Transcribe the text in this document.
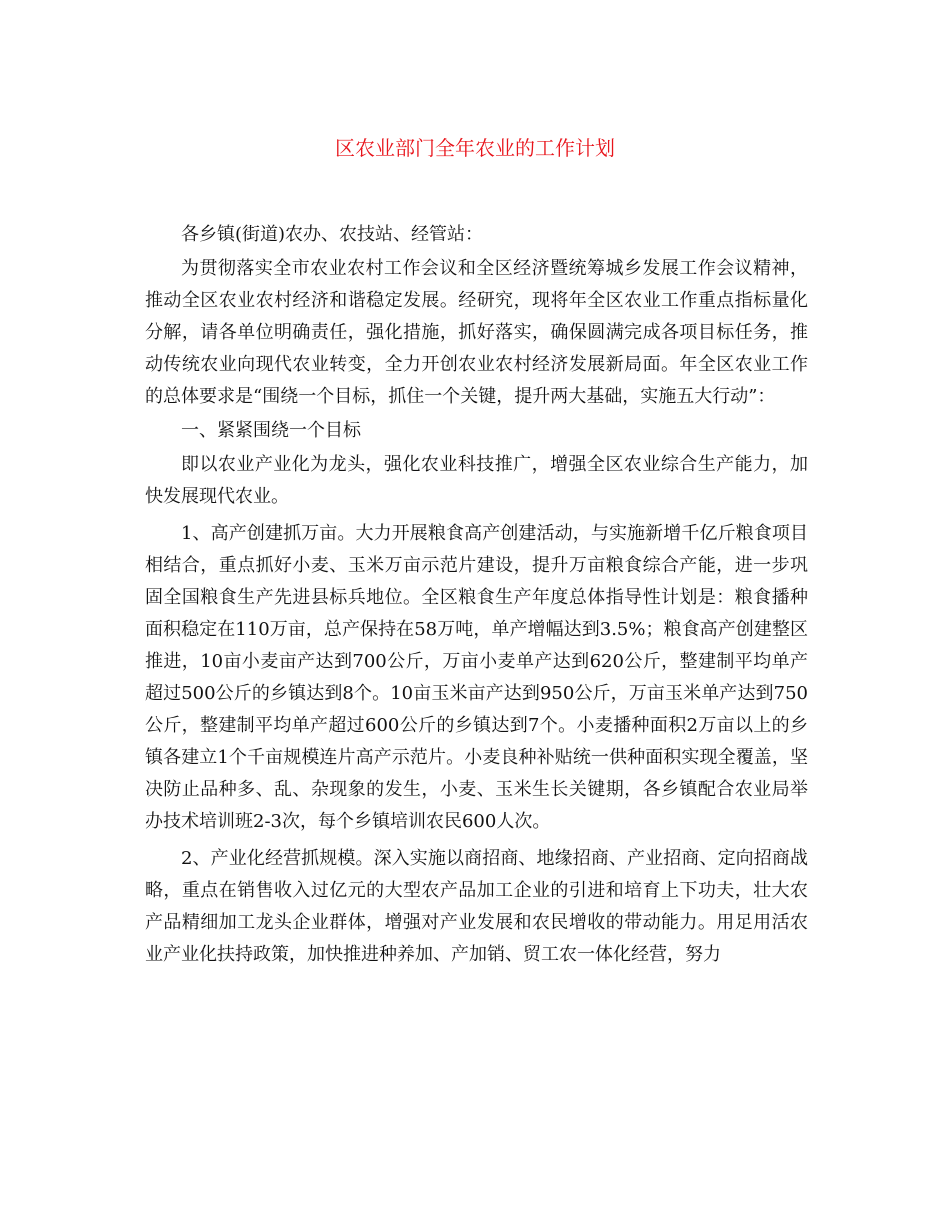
区农业部门全年农业的工作计划

各乡镇(街道)农办、农技站、经管站：

为贯彻落实全市农业农村工作会议和全区经济暨统筹城乡发展工作会议精神，推动全区农业农村经济和谐稳定发展。经研究，现将年全区农业工作重点指标量化分解，请各单位明确责任，强化措施，抓好落实，确保圆满完成各项目标任务，推动传统农业向现代农业转变，全力开创农业农村经济发展新局面。年全区农业工作的总体要求是“围绕一个目标，抓住一个关键，提升两大基础，实施五大行动”：

一、紧紧围绕一个目标

即以农业产业化为龙头，强化农业科技推广，增强全区农业综合生产能力，加快发展现代农业。

1、高产创建抓万亩。大力开展粮食高产创建活动，与实施新增千亿斤粮食项目相结合，重点抓好小麦、玉米万亩示范片建设，提升万亩粮食综合产能，进一步巩固全国粮食生产先进县标兵地位。全区粮食生产年度总体指导性计划是：粮食播种面积稳定在110万亩，总产保持在58万吨，单产增幅达到3.5%；粮食高产创建整区推进，10亩小麦亩产达到700公斤，万亩小麦单产达到620公斤，整建制平均单产超过500公斤的乡镇达到8个。10亩玉米亩产达到950公斤，万亩玉米单产达到750公斤，整建制平均单产超过600公斤的乡镇达到7个。小麦播种面积2万亩以上的乡镇各建立1个千亩规模连片高产示范片。小麦良种补贴统一供种面积实现全覆盖，坚决防止品种多、乱、杂现象的发生，小麦、玉米生长关键期，各乡镇配合农业局举办技术培训班2-3次，每个乡镇培训农民600人次。

2、产业化经营抓规模。深入实施以商招商、地缘招商、产业招商、定向招商战略，重点在销售收入过亿元的大型农产品加工企业的引进和培育上下功夫，壮大农产品精细加工龙头企业群体，增强对产业发展和农民增收的带动能力。用足用活农业产业化扶持政策，加快推进种养加、产加销、贸工农一体化经营，努力
